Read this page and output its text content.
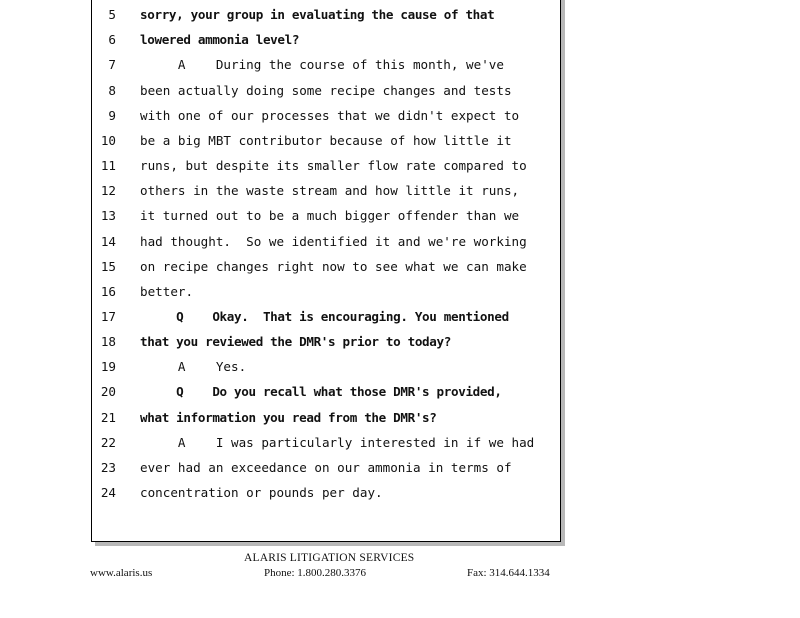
5 sorry, your group in evaluating the cause of that
6 lowered ammonia level?
7 A    During the course of this month, we've
8 been actually doing some recipe changes and tests
9 with one of our processes that we didn't expect to
10 be a big MBT contributor because of how little it
11 runs, but despite its smaller flow rate compared to
12 others in the waste stream and how little it runs,
13 it turned out to be a much bigger offender than we
14 had thought.  So we identified it and we're working
15 on recipe changes right now to see what we can make
16 better.
17 Q    Okay.  That is encouraging. You mentioned
18 that you reviewed the DMR's prior to today?
19 A    Yes.
20 Q    Do you recall what those DMR's provided,
21 what information you read from the DMR's?
22 A    I was particularly interested in if we had
23 ever had an exceedance on our ammonia in terms of
24 concentration or pounds per day.
ALARIS LITIGATION SERVICES
www.alaris.us	Phone: 1.800.280.3376	Fax: 314.644.1334
